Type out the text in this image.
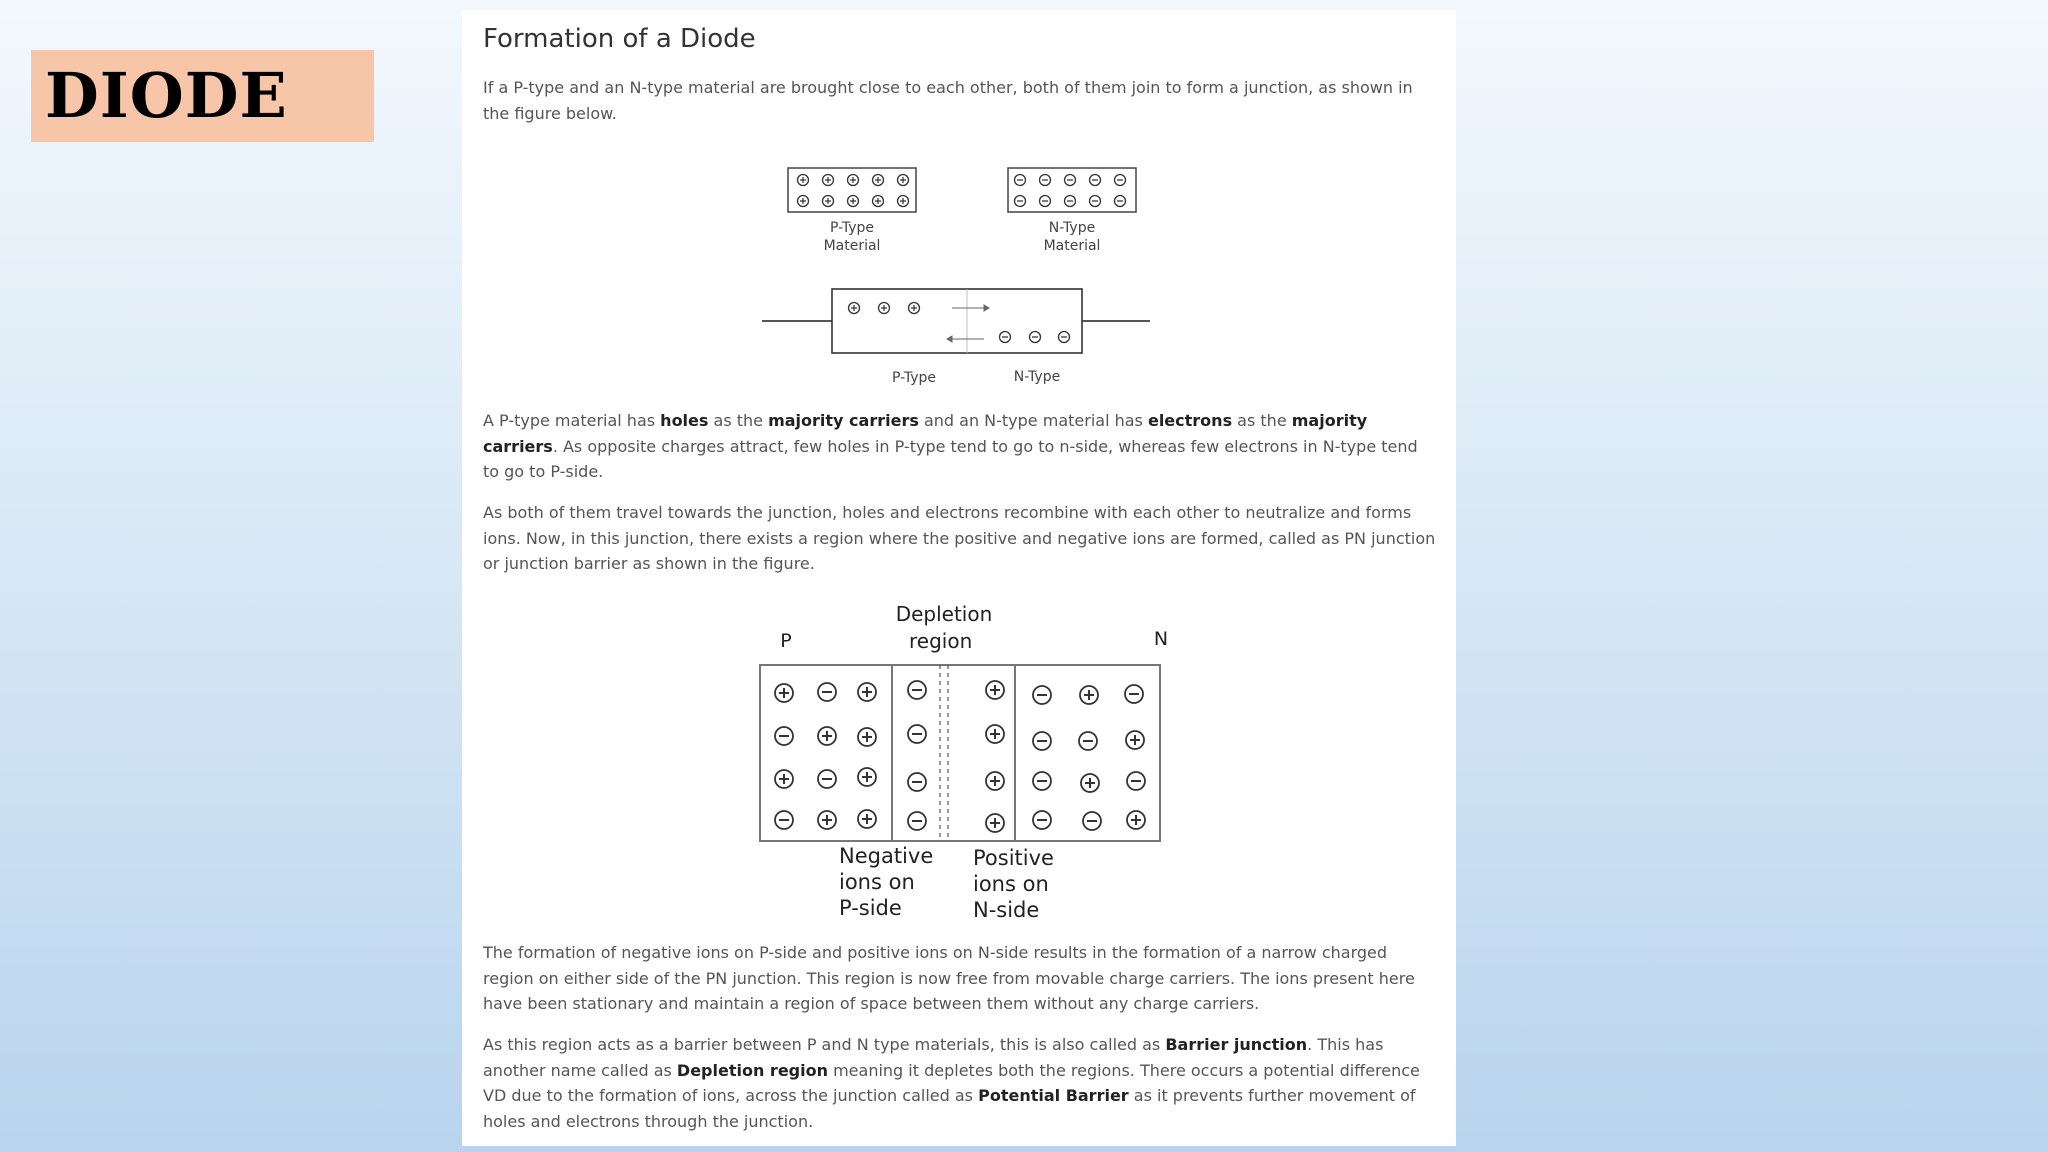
DIODE
Formation of a Diode

If a P-type and an N-type material are brought close to each other, both of them join to form a junction, as shown in the figure below.

P-Type
Material
N-Type
Material
P-Type	N-Type

A P-type material has holes as the majority carriers and an N-type material has electrons as the majority carriers. As opposite charges attract, few holes in P-type tend to go to n-side, whereas few electrons in N-type tend to go to P-side.

As both of them travel towards the junction, holes and electrons recombine with each other to neutralize and forms ions. Now, in this junction, there exists a region where the positive and negative ions are formed, called as PN junction or junction barrier as shown in the figure.

P	N
Depletion
region
Negative
ions on
P-side
Positive
ions on
N-side

The formation of negative ions on P-side and positive ions on N-side results in the formation of a narrow charged region on either side of the PN junction. This region is now free from movable charge carriers. The ions present here have been stationary and maintain a region of space between them without any charge carriers.

As this region acts as a barrier between P and N type materials, this is also called as Barrier junction. This has another name called as Depletion region meaning it depletes both the regions. There occurs a potential difference VD due to the formation of ions, across the junction called as Potential Barrier as it prevents further movement of holes and electrons through the junction.
